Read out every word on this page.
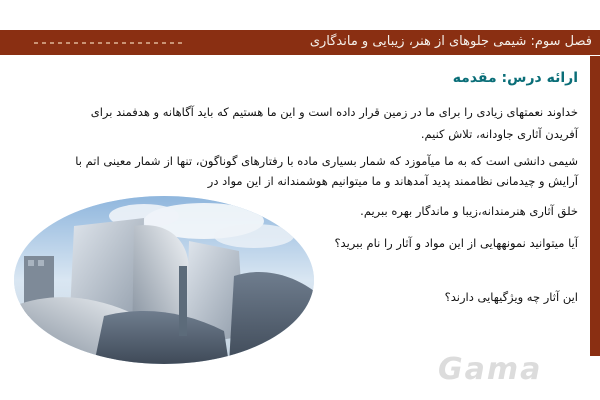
فصل سوم: شیمی جلوهای از هنر، زیبایی و ماندگاری
ارائه درس: مقدمه
خداوند نعمتهای زیادی را برای ما در زمین قرار داده است و این ما هستیم که باید آگاهانه و هدفمند برای
آفریدن آثاری جاودانه، تلاش کنیم.
شیمی دانشی است که به ما میآموزد که شمار بسیاری ماده با رفتارهای گوناگون، تنها از شمار معینی اتم با
آرایش و چیدمانی نظاممند پدید آمدهاند و ما میتوانیم هوشمندانه از این مواد در
خلق آثاری هنرمندانه،زیبا و ماندگار بهره ببریم.
آیا میتوانید نمونههایی از این مواد و آثار را نام ببرید؟
این آثار چه ویژگیهایی دارند؟
Gama
